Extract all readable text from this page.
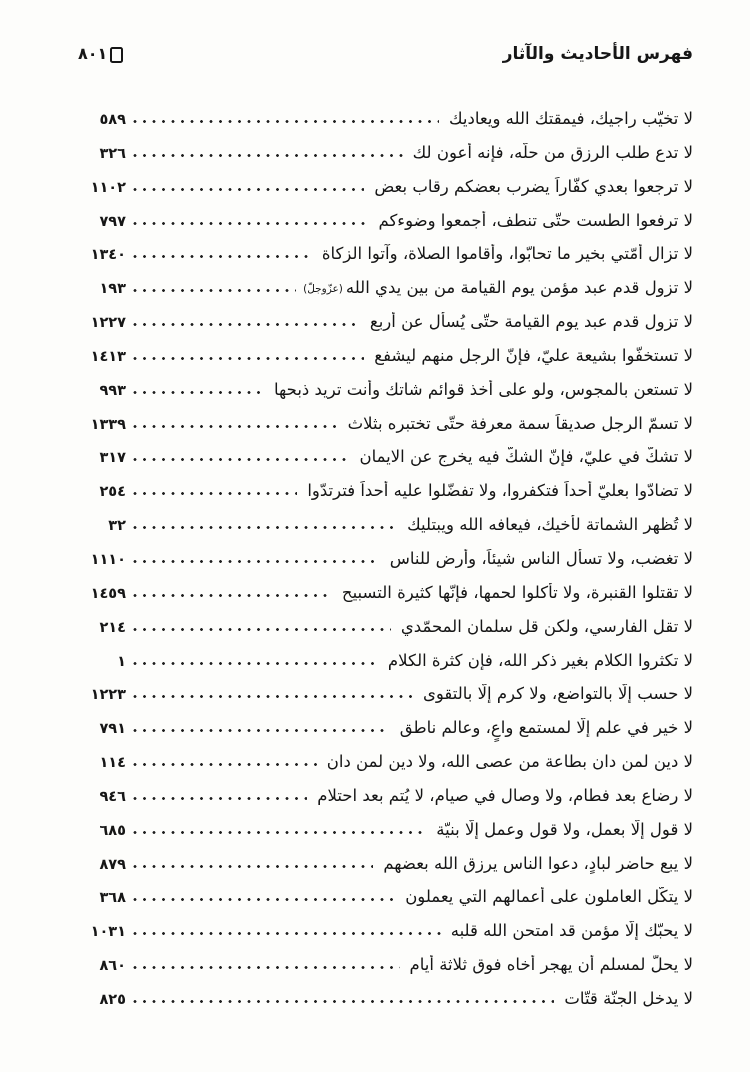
فهرس الأحاديث والآثار
٨٠١
لا تخيّب راجيك، فيمقتك الله ويعاديك
٥٨٩
لا تدع طلب الرزق من حلّه، فإنه أعون لك
٣٢٦
لا ترجعوا بعدي كفّاراً يضرب بعضكم رقاب بعض
١١٠٢
لا ترفعوا الطست حتّى تنطف، أجمعوا وضوءكم
٧٩٧
لا تزال أُمّتي بخير ما تحابّوا، وأقاموا الصلاة، وآتوا الزكاة
١٣٤٠
لا تزول قدم عبد مؤمن يوم القيامة من بين يدي الله
(عزّوجلّ)
١٩٣
لا تزول قدم عبد يوم القيامة حتّى يُسأل عن أربع
١٢٢٧
لا تستخفّوا بشيعة عليّ، فإنّ الرجل منهم ليشفع
١٤١٣
لا تستعن بالمجوس، ولو على أخذ قوائم شاتك وأنت تريد ذبحها
٩٩٣
لا تسمّ الرجل صديقاً سمة معرفة حتّى تختبره بثلاث
١٣٣٩
لا تشكّ في عليّ، فإنّ الشكّ فيه يخرج عن الايمان
٣١٧
لا تضادّوا بعليّ أحداً فتكفروا، ولا تفضّلوا عليه أحداً فترتدّوا
٢٥٤
لا تُظهر الشماتة لأخيك، فيعافه الله ويبتليك
٣٢
لا تغضب، ولا تسأل الناس شيئاً، وأرض للناس
١١١٠
لا تقتلوا القنبرة، ولا تأكلوا لحمها، فإنّها كثيرة التسبيح
١٤٥٩
لا تقل الفارسي، ولكن قل سلمان المحمّدي
٢١٤
لا تكثروا الكلام بغير ذكر الله، فإن كثرة الكلام
١
لا حسب إلّا بالتواضع، ولا كرم إلّا بالتقوى
١٢٢٣
لا خير في علم إلّا لمستمع واعٍ، وعالم ناطق
٧٩١
لا دين لمن دان بطاعة من عصى الله، ولا دين لمن دان
١١٤
لا رضاع بعد فطام، ولا وصال في صيام، لا يُتم بعد احتلام
٩٤٦
لا قول إلّا بعمل، ولا قول وعمل إلّا بنيّة
٦٨٥
لا يبع حاضر لبادٍ، دعوا الناس يرزق الله بعضهم
٨٧٩
لا يتكّل العاملون على أعمالهم التي يعملون
٣٦٨
لا يحبّك إلّا مؤمن قد امتحن الله قلبه
١٠٣١
لا يحلّ لمسلم أن يهجر أخاه فوق ثلاثة أيام
٨٦٠
لا يدخل الجنّة قتّات
٨٢٥
